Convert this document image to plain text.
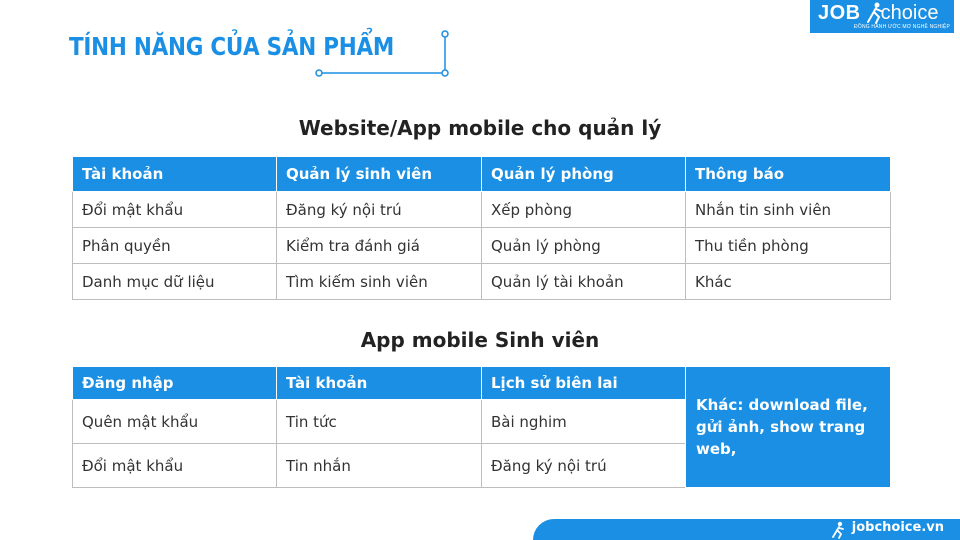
TÍNH NĂNG CỦA SẢN PHẨM
JOB choice
ĐỒNG HÀNH ƯỚC MƠ NGHỀ NGHIỆP
Website/App mobile cho quản lý
Tài khoản	Quản lý sinh viên	Quản lý phòng	Thông báo
Đổi mật khẩu	Đăng ký nội trú	Xếp phòng	Nhắn tin sinh viên
Phân quyền	Kiểm tra đánh giá	Quản lý phòng	Thu tiền phòng
Danh mục dữ liệu	Tìm kiếm sinh viên	Quản lý tài khoản	Khác
App mobile Sinh viên
Đăng nhập	Tài khoản	Lịch sử biên lai	Khác: download file, gửi ảnh, show trang web,
Quên mật khẩu	Tin tức	Bài nghim	
Đổi mật khẩu	Tin nhắn	Đăng ký nội trú	
jobchoice.vn
